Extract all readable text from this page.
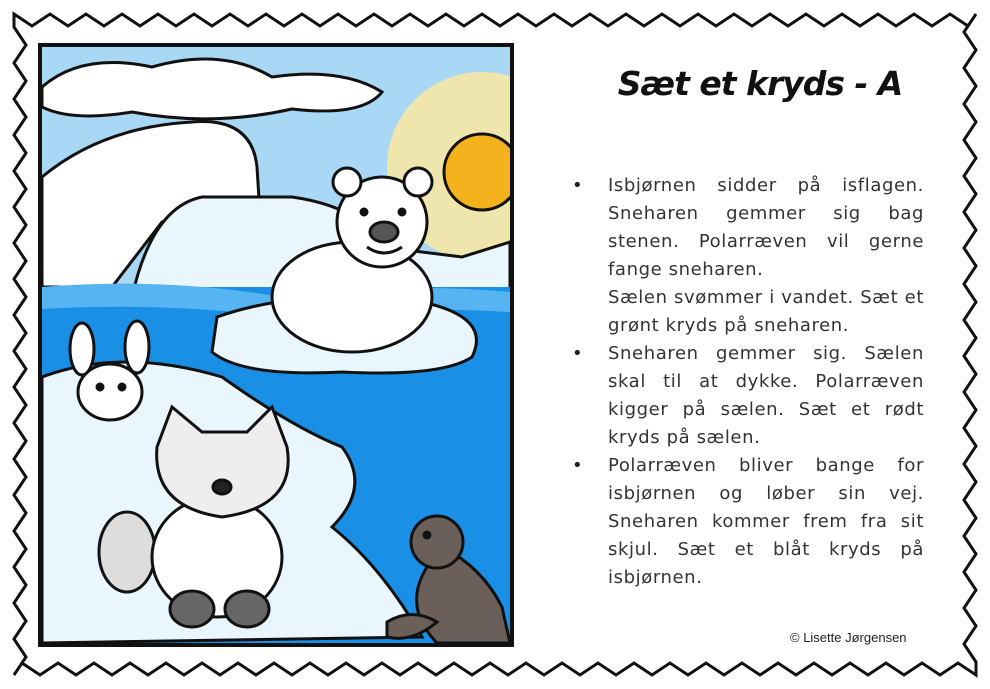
Sæt et kryds - A
• Isbjørnen sidder på isflagen. Sneharen gemmer sig bag stenen. Polarræven vil gerne fange sneharen.
Sælen svømmer i vandet. Sæt et grønt kryds på sneharen.
• Sneharen gemmer sig. Sælen skal til at dykke. Polarræven kigger på sælen. Sæt et rødt kryds på sælen.
• Polarræven bliver bange for isbjørnen og løber sin vej. Sneharen kommer frem fra sit skjul. Sæt et blåt kryds på isbjørnen.
© Lisette Jørgensen
